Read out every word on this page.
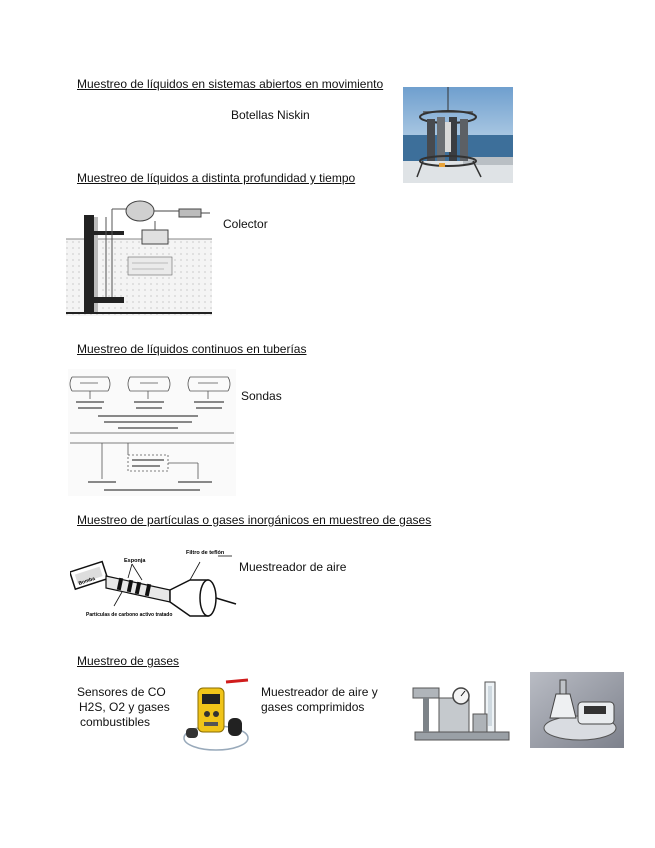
Muestreo de líquidos en sistemas abiertos en movimiento
Botellas Niskin
Muestreo de líquidos a distinta profundidad y tiempo
Colector
Muestreo de líquidos continuos en tuberías
Sondas
Muestreo de partículas o gases inorgánicos en muestreo de gases
Muestreador de aire
Esponja
Filtro de teflón
Partículas de carbono activo tratado
Bomba
Muestreo de gases
Sensores de CO
H2S, O2 y gases
combustibles
Muestreador de aire y
gases comprimidos
